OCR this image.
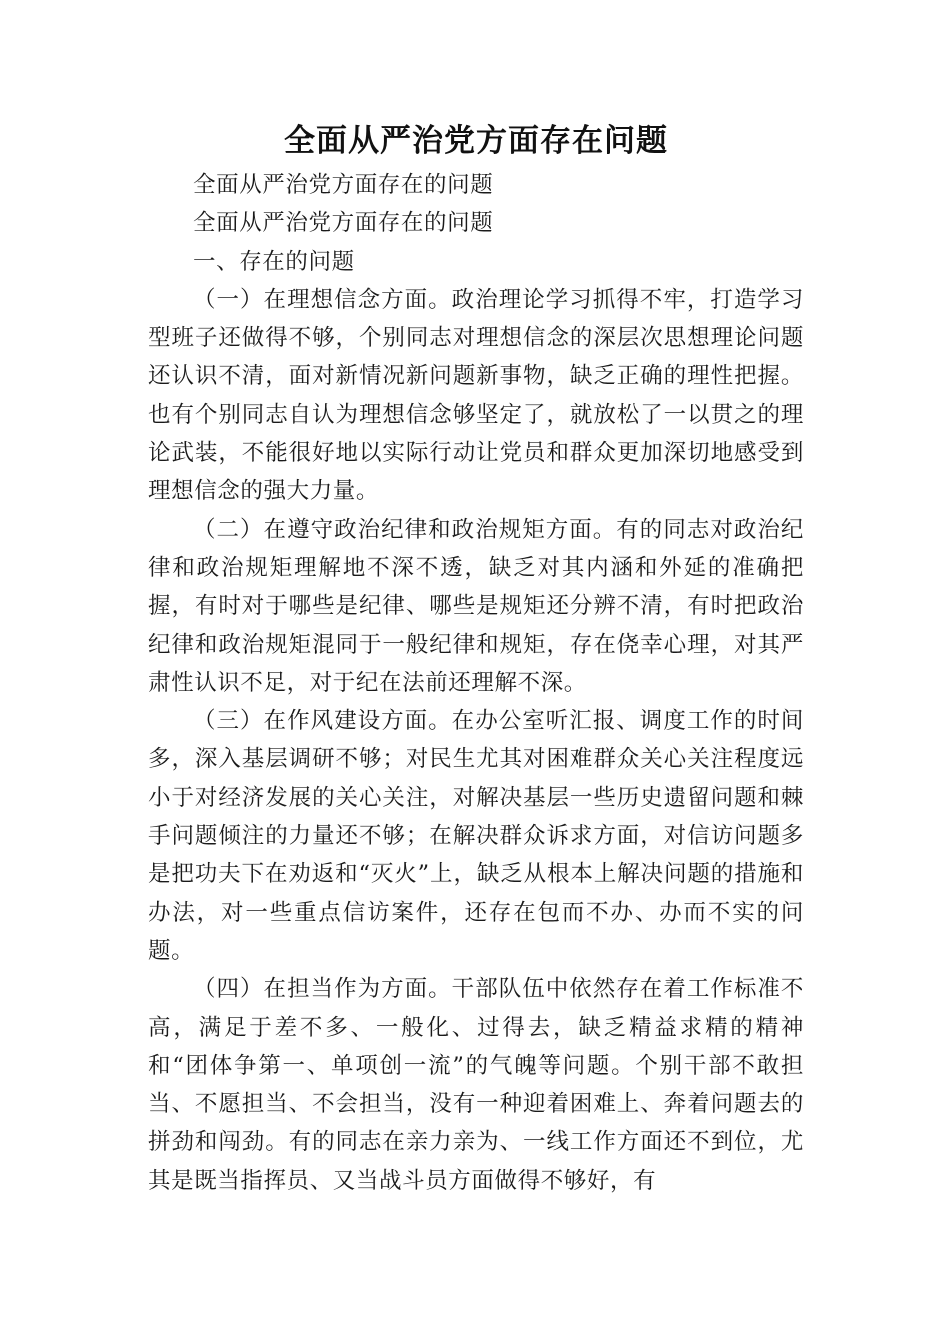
全面从严治党方面存在问题

全面从严治党方面存在的问题

全面从严治党方面存在的问题

一、存在的问题

（一）在理想信念方面。政治理论学习抓得不牢，打造学习型班子还做得不够，个别同志对理想信念的深层次思想理论问题还认识不清，面对新情况新问题新事物，缺乏正确的理性把握。也有个别同志自认为理想信念够坚定了，就放松了一以贯之的理论武装，不能很好地以实际行动让党员和群众更加深切地感受到理想信念的强大力量。

（二）在遵守政治纪律和政治规矩方面。有的同志对政治纪律和政治规矩理解地不深不透，缺乏对其内涵和外延的准确把握，有时对于哪些是纪律、哪些是规矩还分辨不清，有时把政治纪律和政治规矩混同于一般纪律和规矩，存在侥幸心理，对其严肃性认识不足，对于纪在法前还理解不深。

（三）在作风建设方面。在办公室听汇报、调度工作的时间多，深入基层调研不够；对民生尤其对困难群众关心关注程度远小于对经济发展的关心关注，对解决基层一些历史遗留问题和棘手问题倾注的力量还不够；在解决群众诉求方面，对信访问题多是把功夫下在劝返和“灭火”上，缺乏从根本上解决问题的措施和办法，对一些重点信访案件，还存在包而不办、办而不实的问题。

（四）在担当作为方面。干部队伍中依然存在着工作标准不高，满足于差不多、一般化、过得去，缺乏精益求精的精神和“团体争第一、单项创一流”的气魄等问题。个别干部不敢担当、不愿担当、不会担当，没有一种迎着困难上、奔着问题去的拼劲和闯劲。有的同志在亲力亲为、一线工作方面还不到位，尤其是既当指挥员、又当战斗员方面做得不够好，有
